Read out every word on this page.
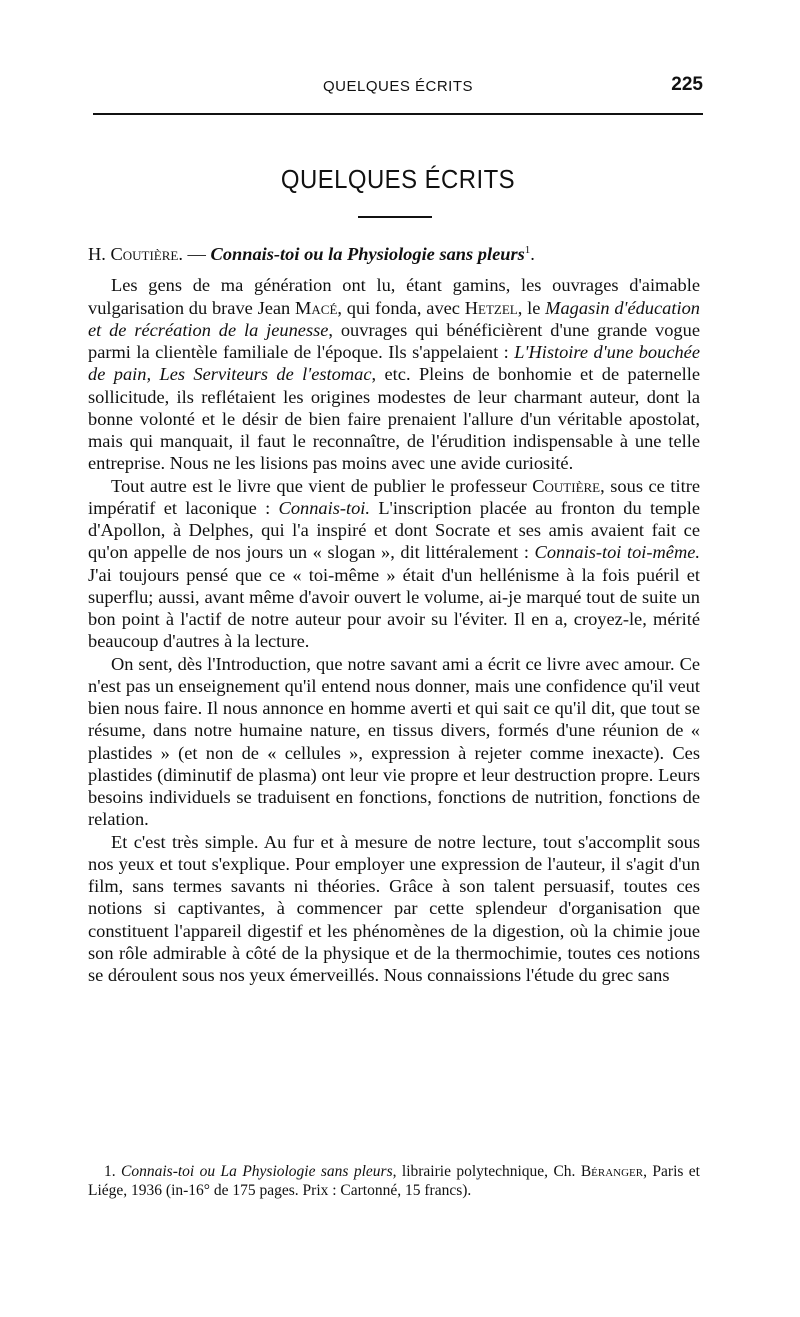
QUELQUES ÉCRITS	225
QUELQUES ÉCRITS
H. Coutière. — Connais-toi ou la Physiologie sans pleurs$^1$.

Les gens de ma génération ont lu, étant gamins, les ouvrages d'aimable vulgarisation du brave Jean Macé, qui fonda, avec Hetzel, le Magasin d'éducation et de récréation de la jeunesse, ouvrages qui bénéficièrent d'une grande vogue parmi la clientèle familiale de l'époque. Ils s'appelaient : L'Histoire d'une bouchée de pain, Les Serviteurs de l'estomac, etc. Pleins de bonhomie et de paternelle sollicitude, ils reflétaient les origines modestes de leur charmant auteur, dont la bonne volonté et le désir de bien faire prenaient l'allure d'un véritable apostolat, mais qui manquait, il faut le reconnaître, de l'érudition indispensable à une telle entreprise. Nous ne les lisions pas moins avec une avide curiosité.

Tout autre est le livre que vient de publier le professeur Coutière, sous ce titre impératif et laconique : Connais-toi. L'inscription placée au fronton du temple d'Apollon, à Delphes, qui l'a inspiré et dont Socrate et ses amis avaient fait ce qu'on appelle de nos jours un « slogan », dit littéralement : Connais-toi toi-même. J'ai toujours pensé que ce « toi-même » était d'un hellénisme à la fois puéril et superflu; aussi, avant même d'avoir ouvert le volume, ai-je marqué tout de suite un bon point à l'actif de notre auteur pour avoir su l'éviter. Il en a, croyez-le, mérité beaucoup d'autres à la lecture.

On sent, dès l'Introduction, que notre savant ami a écrit ce livre avec amour. Ce n'est pas un enseignement qu'il entend nous donner, mais une confidence qu'il veut bien nous faire. Il nous annonce en homme averti et qui sait ce qu'il dit, que tout se résume, dans notre humaine nature, en tissus divers, formés d'une réunion de « plastides » (et non de « cellules », expression à rejeter comme inexacte). Ces plastides (diminutif de plasma) ont leur vie propre et leur destruction propre. Leurs besoins individuels se traduisent en fonctions, fonctions de nutrition, fonctions de relation.

Et c'est très simple. Au fur et à mesure de notre lecture, tout s'accomplit sous nos yeux et tout s'explique. Pour employer une expression de l'auteur, il s'agit d'un film, sans termes savants ni théories. Grâce à son talent persuasif, toutes ces notions si captivantes, à commencer par cette splendeur d'organisation que constituent l'appareil digestif et les phénomènes de la digestion, où la chimie joue son rôle admirable à côté de la physique et de la thermochimie, toutes ces notions se déroulent sous nos yeux émerveillés. Nous connaissions l'étude du grec sans

1. Connais-toi ou La Physiologie sans pleurs, librairie polytechnique, Ch. Béranger, Paris et Liége, 1936 (in-16° de 175 pages. Prix : Cartonné, 15 francs).
